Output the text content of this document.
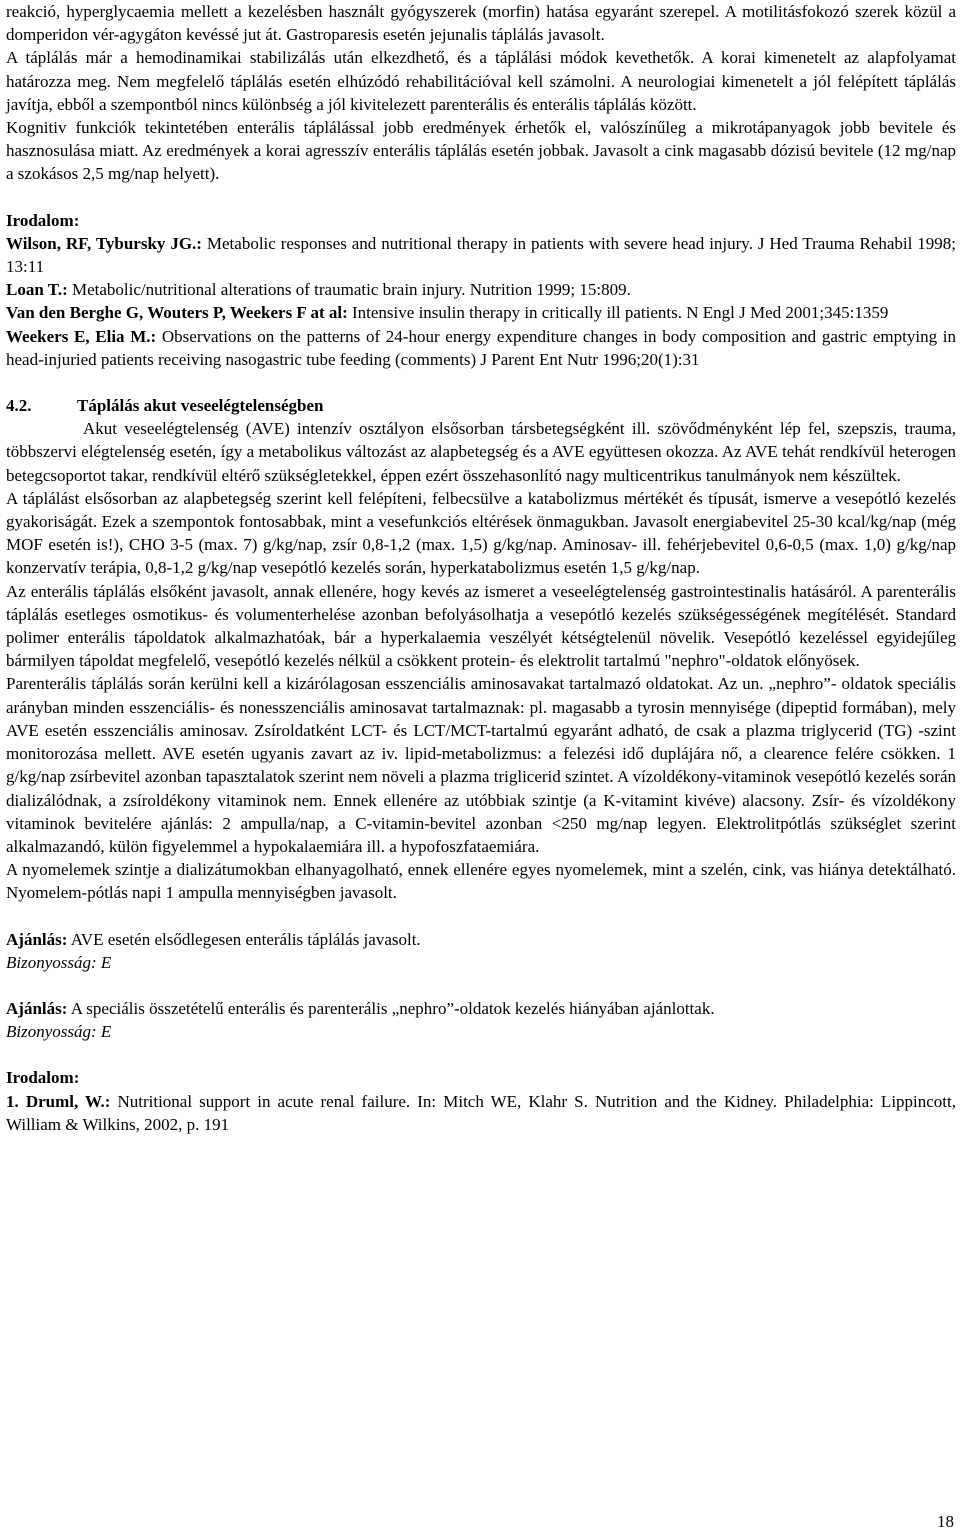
reakció, hyperglycaemia mellett a kezelésben használt gyógyszerek (morfin) hatása egyaránt szerepel. A motilitásfokozó szerek közül a domperidon vér-agygáton kevéssé jut át. Gastroparesis esetén jejunalis táplálás javasolt.

A táplálás már a hemodinamikai stabilizálás után elkezdhető, és a táplálási módok kevethetők. A korai kimenetelt az alapfolyamat határozza meg. Nem megfelelő táplálás esetén elhúzódó rehabilitációval kell számolni. A neurologiai kimenetelt a jól felépített táplálás javítja, ebből a szempontból nincs különbség a jól kivitelezett parenterális és enterális táplálás között.

Kognitiv funkciók tekintetében enterális táplálással jobb eredmények érhetők el, valószínűleg a mikrotápanyagok jobb bevitele és hasznosulása miatt. Az eredmények a korai agresszív enterális táplálás esetén jobbak. Javasolt a cink magasabb dózisú bevitele (12 mg/nap a szokásos 2,5 mg/nap helyett).

Irodalom:

Wilson, RF, Tybursky JG.: Metabolic responses and nutritional therapy in patients with severe head injury. J Hed Trauma Rehabil 1998; 13:11

Loan T.: Metabolic/nutritional alterations of traumatic brain injury. Nutrition 1999; 15:809.

Van den Berghe G, Wouters P, Weekers F at al: Intensive insulin therapy in critically ill patients. N Engl J Med 2001;345:1359

Weekers E, Elia M.: Observations on the patterns of 24-hour energy expenditure changes in body composition and gastric emptying in head-injuried patients receiving nasogastric tube feeding (comments) J Parent Ent Nutr 1996;20(1):31

4.2.	Táplálás akut veseelégtelenségben

Akut veseelégtelenség (AVE) intenzív osztályon elsősorban társbetegségként ill. szövődményként lép fel, szepszis, trauma, többszervi elégtelenség esetén, így a metabolikus változást az alapbetegség és a AVE együttesen okozza. Az AVE tehát rendkívül heterogen betegcsoportot takar, rendkívül eltérő szükségletekkel, éppen ezért összehasonlító nagy multicentrikus tanulmányok nem készültek.

A táplálást elsősorban az alapbetegség szerint kell felépíteni, felbecsülve a katabolizmus mértékét és típusát, ismerve a vesepótló kezelés gyakoriságát. Ezek a szempontok fontosabbak, mint a vesefunkciós eltérések önmagukban. Javasolt energiabevitel 25-30 kcal/kg/nap (még MOF esetén is!), CHO 3-5 (max. 7) g/kg/nap, zsír 0,8-1,2 (max. 1,5) g/kg/nap. Aminosav- ill. fehérjebevitel 0,6-0,5 (max. 1,0) g/kg/nap konzervatív terápia, 0,8-1,2 g/kg/nap vesepótló kezelés során, hyperkatabolizmus esetén 1,5 g/kg/nap.

Az enterális táplálás elsőként javasolt, annak ellenére, hogy kevés az ismeret a veseelégtelenség gastrointestinalis hatásáról. A parenterális táplálás esetleges osmotikus- és volumenterhelése azonban befolyásolhatja a vesepótló kezelés szükségességének megítélését. Standard polimer enterális tápoldatok alkalmazhatóak, bár a hyperkalaemia veszélyét kétségtelenül növelik. Vesepótló kezeléssel egyidejűleg bármilyen tápoldat megfelelő, vesepótló kezelés nélkül a csökkent protein- és elektrolit tartalmú "nephro"-oldatok előnyösek.

Parenterális táplálás során kerülni kell a kizárólagosan esszenciális aminosavakat tartalmazó oldatokat. Az un. „nephro”- oldatok speciális arányban minden esszenciális- és nonesszenciális aminosavat tartalmaznak: pl. magasabb a tyrosin mennyisége (dipeptid formában), mely AVE esetén esszenciális aminosav. Zsíroldatként LCT- és LCT/MCT-tartalmú egyaránt adható, de csak a plazma triglycerid (TG) -szint monitorozása mellett. AVE esetén ugyanis zavart az iv. lipid-metabolizmus: a felezési idő duplájára nő, a clearence felére csökken. 1 g/kg/nap zsírbevitel azonban tapasztalatok szerint nem növeli a plazma triglicerid szintet. A vízoldékony-vitaminok vesepótló kezelés során dializálódnak, a zsíroldékony vitaminok nem. Ennek ellenére az utóbbiak szintje (a K-vitamint kivéve) alacsony. Zsír- és vízoldékony vitaminok bevitelére ajánlás: 2 ampulla/nap, a C-vitamin-bevitel azonban <250 mg/nap legyen. Elektrolitpótlás szükséglet szerint alkalmazandó, külön figyelemmel a hypokalaemiára ill. a hypofoszfataemiára.

A nyomelemek szintje a dializátumokban elhanyagolható, ennek ellenére egyes nyomelemek, mint a szelén, cink, vas hiánya detektálható. Nyomelem-pótlás napi 1 ampulla mennyiségben javasolt.

Ajánlás: AVE esetén elsődlegesen enterális táplálás javasolt.

Bizonyosság: E

Ajánlás: A speciális összetételű enterális és parenterális „nephro”-oldatok kezelés hiányában ajánlottak.

Bizonyosság: E

Irodalom:

1. Druml, W.: Nutritional support in acute renal failure. In: Mitch WE, Klahr S. Nutrition and the Kidney. Philadelphia: Lippincott, William & Wilkins, 2002, p. 191

18
